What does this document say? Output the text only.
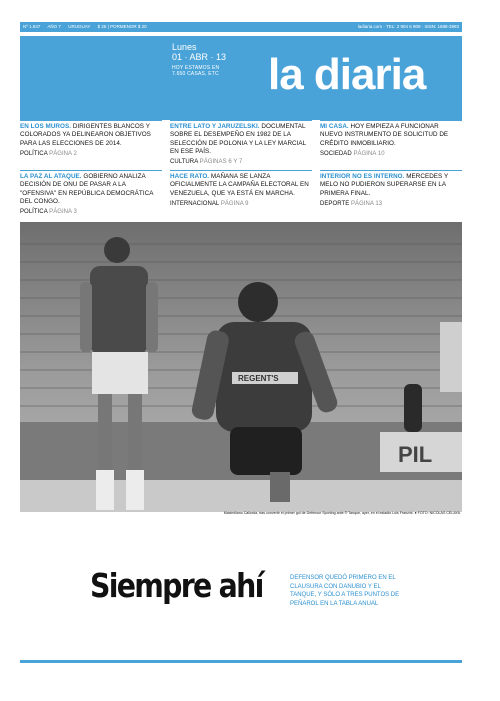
Nº 1.847 AÑO 7 URUGUAY $ 25 | PORMENOR $ 20	ladiaria.com · TEL: 2 904 6 909 · ISSN: 1688-3993
Lunes
01 · ABR · 13
HOY ESTAMOS EN
7.650 CASAS, ETC la diaria

EN LOS MUROS. DIRIGENTES BLANCOS Y COLORADOS YA DELINEARON OBJETIVOS PARA LAS ELECCIONES DE 2014.

POLÍTICA PÁGINA 2

ENTRE LATO Y JARUZELSKI. DOCUMENTAL SOBRE EL DESEMPEÑO EN 1982 DE LA SELECCIÓN DE POLONIA Y LA LEY MARCIAL EN ESE PAÍS.

CULTURA PÁGINAS 6 Y 7

MI CASA. HOY EMPIEZA A FUNCIONAR NUEVO INSTRUMENTO DE SOLICITUD DE CRÉDITO INMOBILIARIO.

SOCIEDAD PÁGINA 10

LA PAZ AL ATAQUE. GOBIERNO ANALIZA DECISIÓN DE ONU DE PASAR A LA "OFENSIVA" EN REPÚBLICA DEMOCRÁTICA DEL CONGO.

POLÍTICA PÁGINA 3

HACE RATO. MAÑANA SE LANZA OFICIALMENTE LA CAMPAÑA ELECTORAL EN VENEZUELA, QUE YA ESTÁ EN MARCHA.

INTERNACIONAL PÁGINA 9

INTERIOR NO ES INTERNO. MERCEDES Y MELO NO PUDIERON SUPERARSE EN LA PRIMERA FINAL.

DEPORTE PÁGINA 13

PIL
REGENT'S
Maximiliano Callorda, tras convertir el primer gol de Defensor Sporting ante ® Tanque, ayer, en el estadio Luis Franzini. ● FOTO: NICOLÁS CELAYA
Siempre ahí	DEFENSOR QUEDÓ PRIMERO EN EL CLAUSURA CON DANUBIO Y EL TANQUE, Y SÓLO A TRES PUNTOS DE PEÑAROL EN LA TABLA ANUAL
